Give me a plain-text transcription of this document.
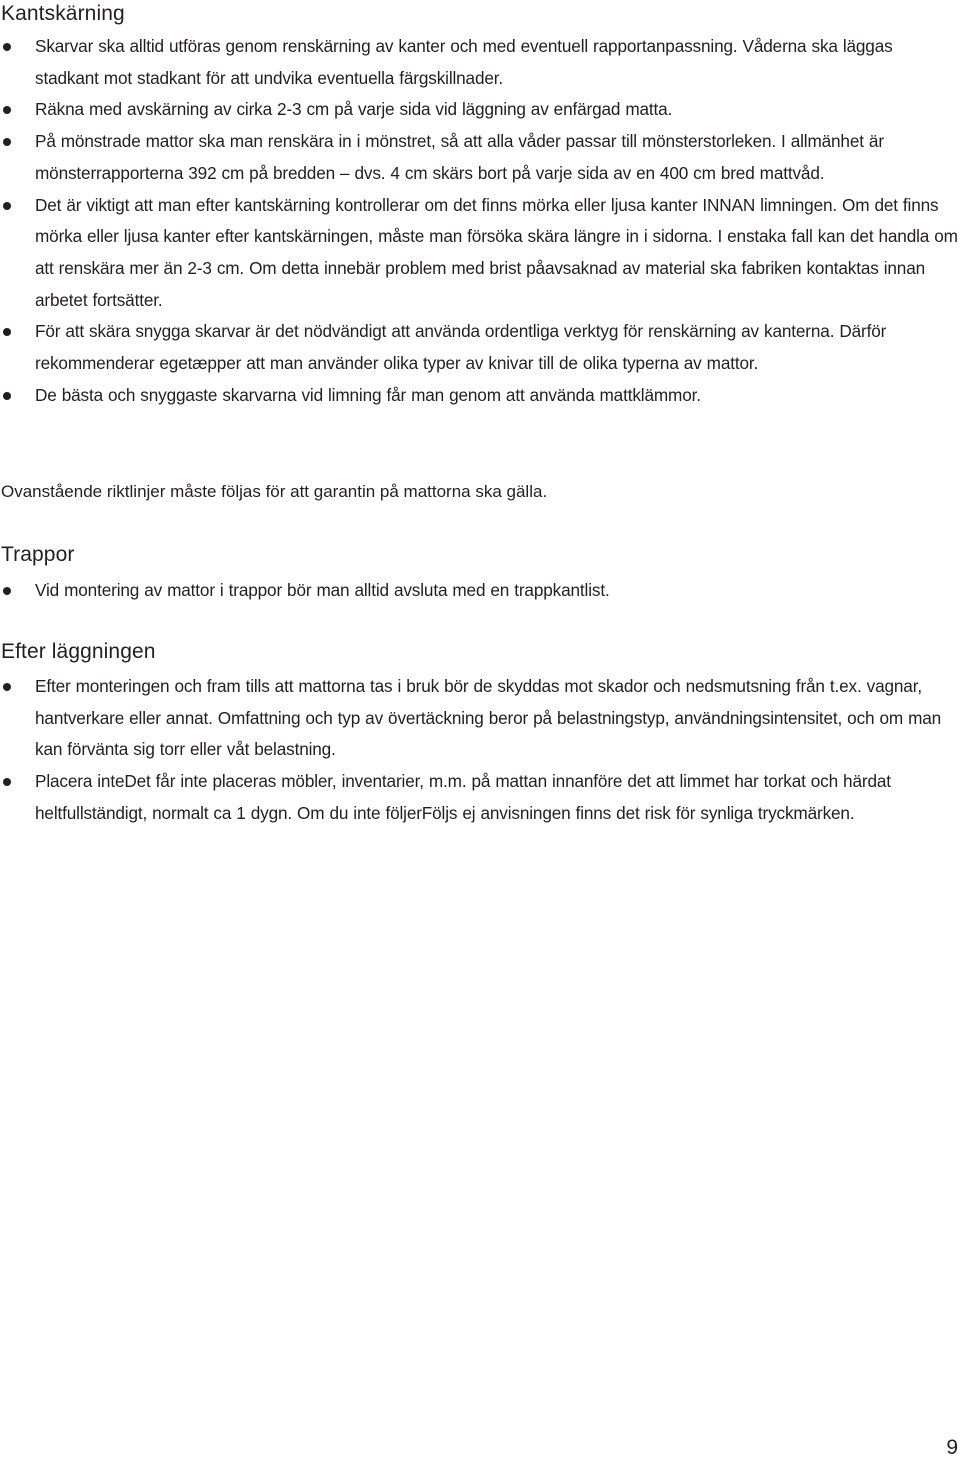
Kantskärning
Skarvar ska alltid utföras genom renskärning av kanter och med eventuell rapportanpassning. Våderna ska läggas stadkant mot stadkant för att undvika eventuella färgskillnader.
Räkna med avskärning av cirka 2-3 cm på varje sida vid läggning av enfärgad matta.
På mönstrade mattor ska man renskära in i mönstret, så att alla våder passar till mönsterstorleken. I allmänhet är mönsterrapporterna 392 cm på bredden – dvs. 4 cm skärs bort på varje sida av en 400 cm bred mattvåd.
Det är viktigt att man efter kantskärning kontrollerar om det finns mörka eller ljusa kanter INNAN limningen. Om det finns mörka eller ljusa kanter efter kantskärningen, måste man försöka skära längre in i sidorna. I enstaka fall kan det handla om att renskära mer än 2-3 cm. Om detta innebär problem med brist påavsaknad av material ska fabriken kontaktas innan arbetet fortsätter.
För att skära snygga skarvar är det nödvändigt att använda ordentliga verktyg för renskärning av kanterna. Därför rekommenderar egetæpper att man använder olika typer av knivar till de olika typerna av mattor.
De bästa och snyggaste skarvarna vid limning får man genom att använda mattklämmor.

Ovanstående riktlinjer måste följas för att garantin på mattorna ska gälla.

Trappor
Vid montering av mattor i trappor bör man alltid avsluta med en trappkantlist.
Efter läggningen
Efter monteringen och fram tills att mattorna tas i bruk bör de skyddas mot skador och nedsmutsning från t.ex. vagnar, hantverkare eller annat. Omfattning och typ av övertäckning beror på belastningstyp, användningsintensitet, och om man kan förvänta sig torr eller våt belastning.
Placera inteDet får inte placeras möbler, inventarier, m.m. på mattan innanföre det att limmet har torkat och härdat heltfullständigt, normalt ca 1 dygn. Om du inte följerFöljs ej anvisningen finns det risk för synliga tryckmärken.
9
